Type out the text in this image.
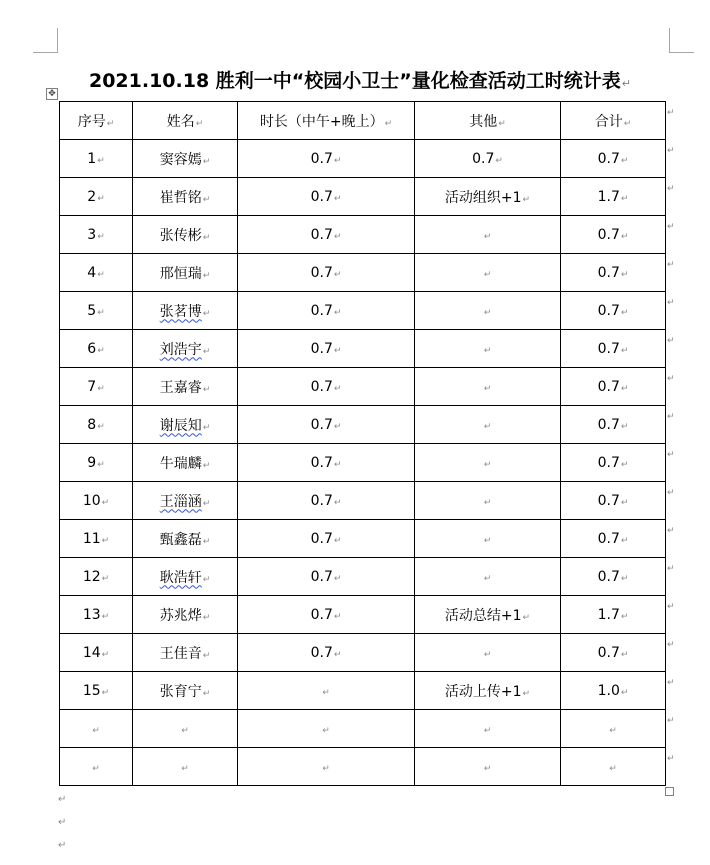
2021.10.18 胜利一中“校园小卫士”量化检查活动工时统计表↵
✥
序号↵	姓名↵	时长（中午+晚上）↵	其他↵	合计↵
1↵	窦容嫣↵	0.7↵	0.7↵	0.7↵
2↵	崔哲铭↵	0.7↵	活动组织+1↵	1.7↵
3↵	张传彬↵	0.7↵	↵	0.7↵
4↵	邢恒瑞↵	0.7↵	↵	0.7↵
5↵	张茗博↵	0.7↵	↵	0.7↵
6↵	刘浩宇↵	0.7↵	↵	0.7↵
7↵	王嘉睿↵	0.7↵	↵	0.7↵
8↵	谢辰知↵	0.7↵	↵	0.7↵
9↵	牛瑞麟↵	0.7↵	↵	0.7↵
10↵	王淄涵↵	0.7↵	↵	0.7↵
11↵	甄鑫磊↵	0.7↵	↵	0.7↵
12↵	耿浩轩↵	0.7↵	↵	0.7↵
13↵	苏兆烨↵	0.7↵	活动总结+1↵	1.7↵
14↵	王佳音↵	0.7↵	↵	0.7↵
15↵	张育宁↵	↵	活动上传+1↵	1.0↵
↵	↵	↵	↵	↵
↵	↵	↵	↵	↵
↵
↵
↵
↵
↵
↵
↵
↵
↵
↵
↵
↵
↵
↵
↵
↵
↵
↵
↵
↵
↵
